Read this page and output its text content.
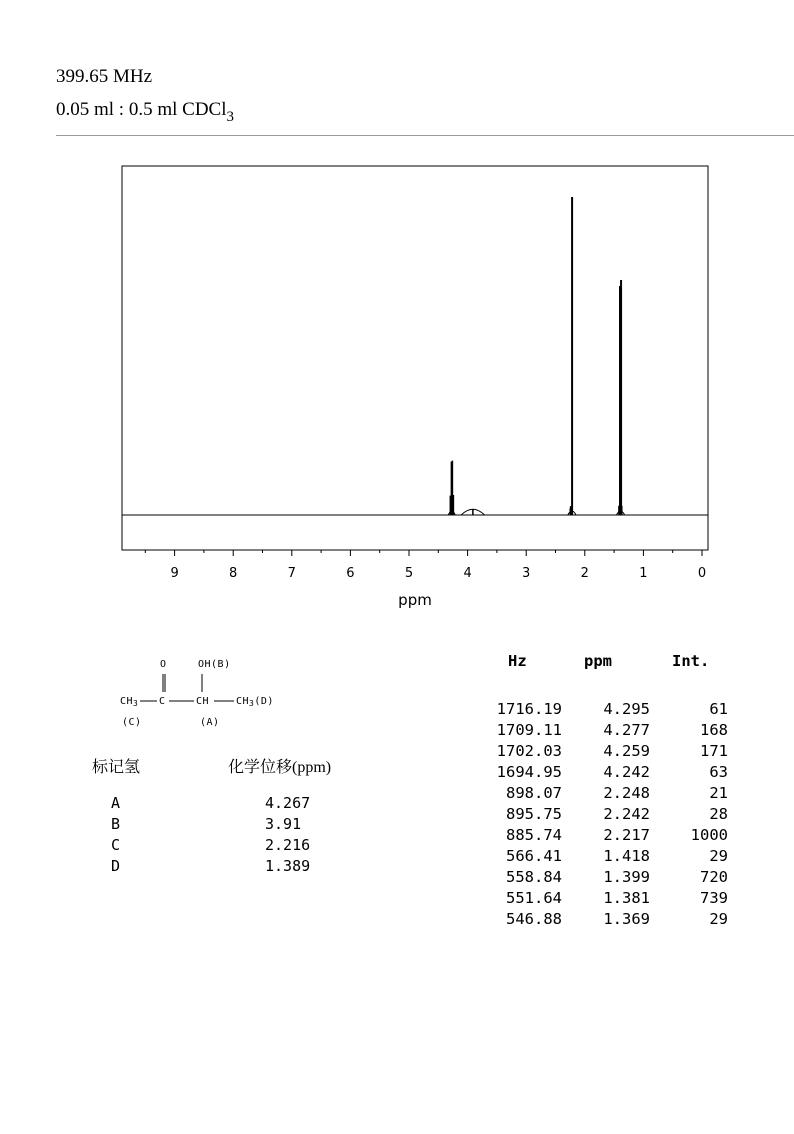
399.65 MHz
0.05 ml : 0.5 ml CDCl$_3$
9	8	7	6	5	4	3	2	1	0
ppm
O	OH(B)
$CH_3$ C	CH	$CH_3(D)$
(C)	(A)
标记氢	化学位移(ppm)
A	4.267
B	3.91
C	2.216
D	1.389
Hz	ppm	Int.
1716.19	4.295	61
1709.11	4.277	168
1702.03	4.259	171
1694.95	4.242	63
898.07	2.248	21
895.75	2.242	28
885.74	2.217	1000
566.41	1.418	29
558.84	1.399	720
551.64	1.381	739
546.88	1.369	29
